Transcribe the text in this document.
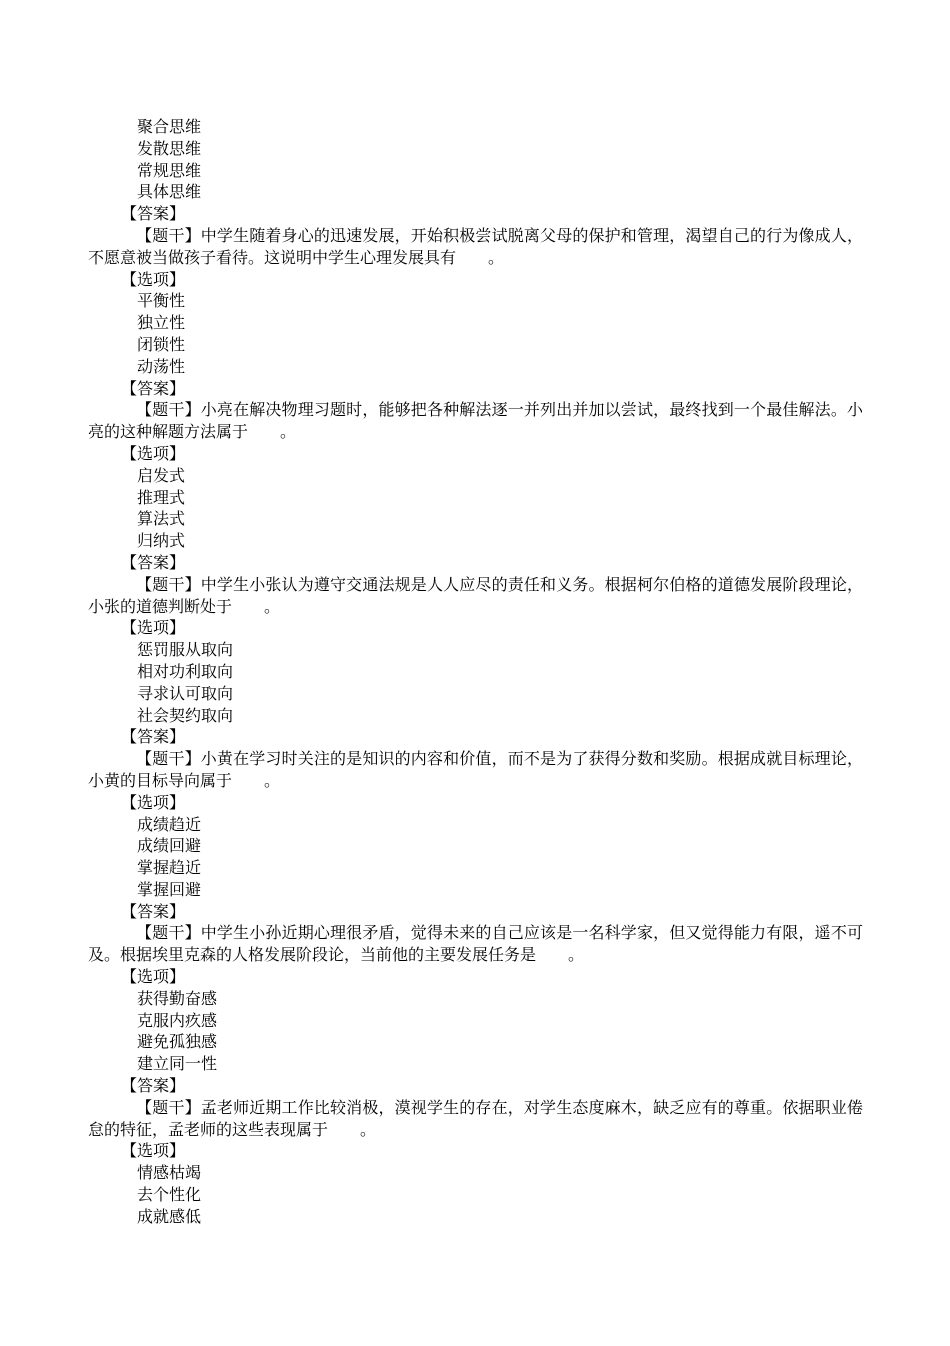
聚合思维
发散思维
常规思维
具体思维
【答案】
【题干】中学生随着身心的迅速发展，开始积极尝试脱离父母的保护和管理，渴望自己的行为像成人，不愿意被当做孩子看待。这说明中学生心理发展具有　　。
【选项】
平衡性
独立性
闭锁性
动荡性
【答案】
【题干】小亮在解决物理习题时，能够把各种解法逐一并列出并加以尝试，最终找到一个最佳解法。小亮的这种解题方法属于　　。
【选项】
启发式
推理式
算法式
归纳式
【答案】
【题干】中学生小张认为遵守交通法规是人人应尽的责任和义务。根据柯尔伯格的道德发展阶段理论，小张的道德判断处于　　。
【选项】
惩罚服从取向
相对功利取向
寻求认可取向
社会契约取向
【答案】
【题干】小黄在学习时关注的是知识的内容和价值，而不是为了获得分数和奖励。根据成就目标理论，小黄的目标导向属于　　。
【选项】
成绩趋近
成绩回避
掌握趋近
掌握回避
【答案】
【题干】中学生小孙近期心理很矛盾，觉得未来的自己应该是一名科学家，但又觉得能力有限，遥不可及。根据埃里克森的人格发展阶段论，当前他的主要发展任务是　　。
【选项】
获得勤奋感
克服内疚感
避免孤独感
建立同一性
【答案】
【题干】孟老师近期工作比较消极，漠视学生的存在，对学生态度麻木，缺乏应有的尊重。依据职业倦怠的特征，孟老师的这些表现属于　　。
【选项】
情感枯竭
去个性化
成就感低
